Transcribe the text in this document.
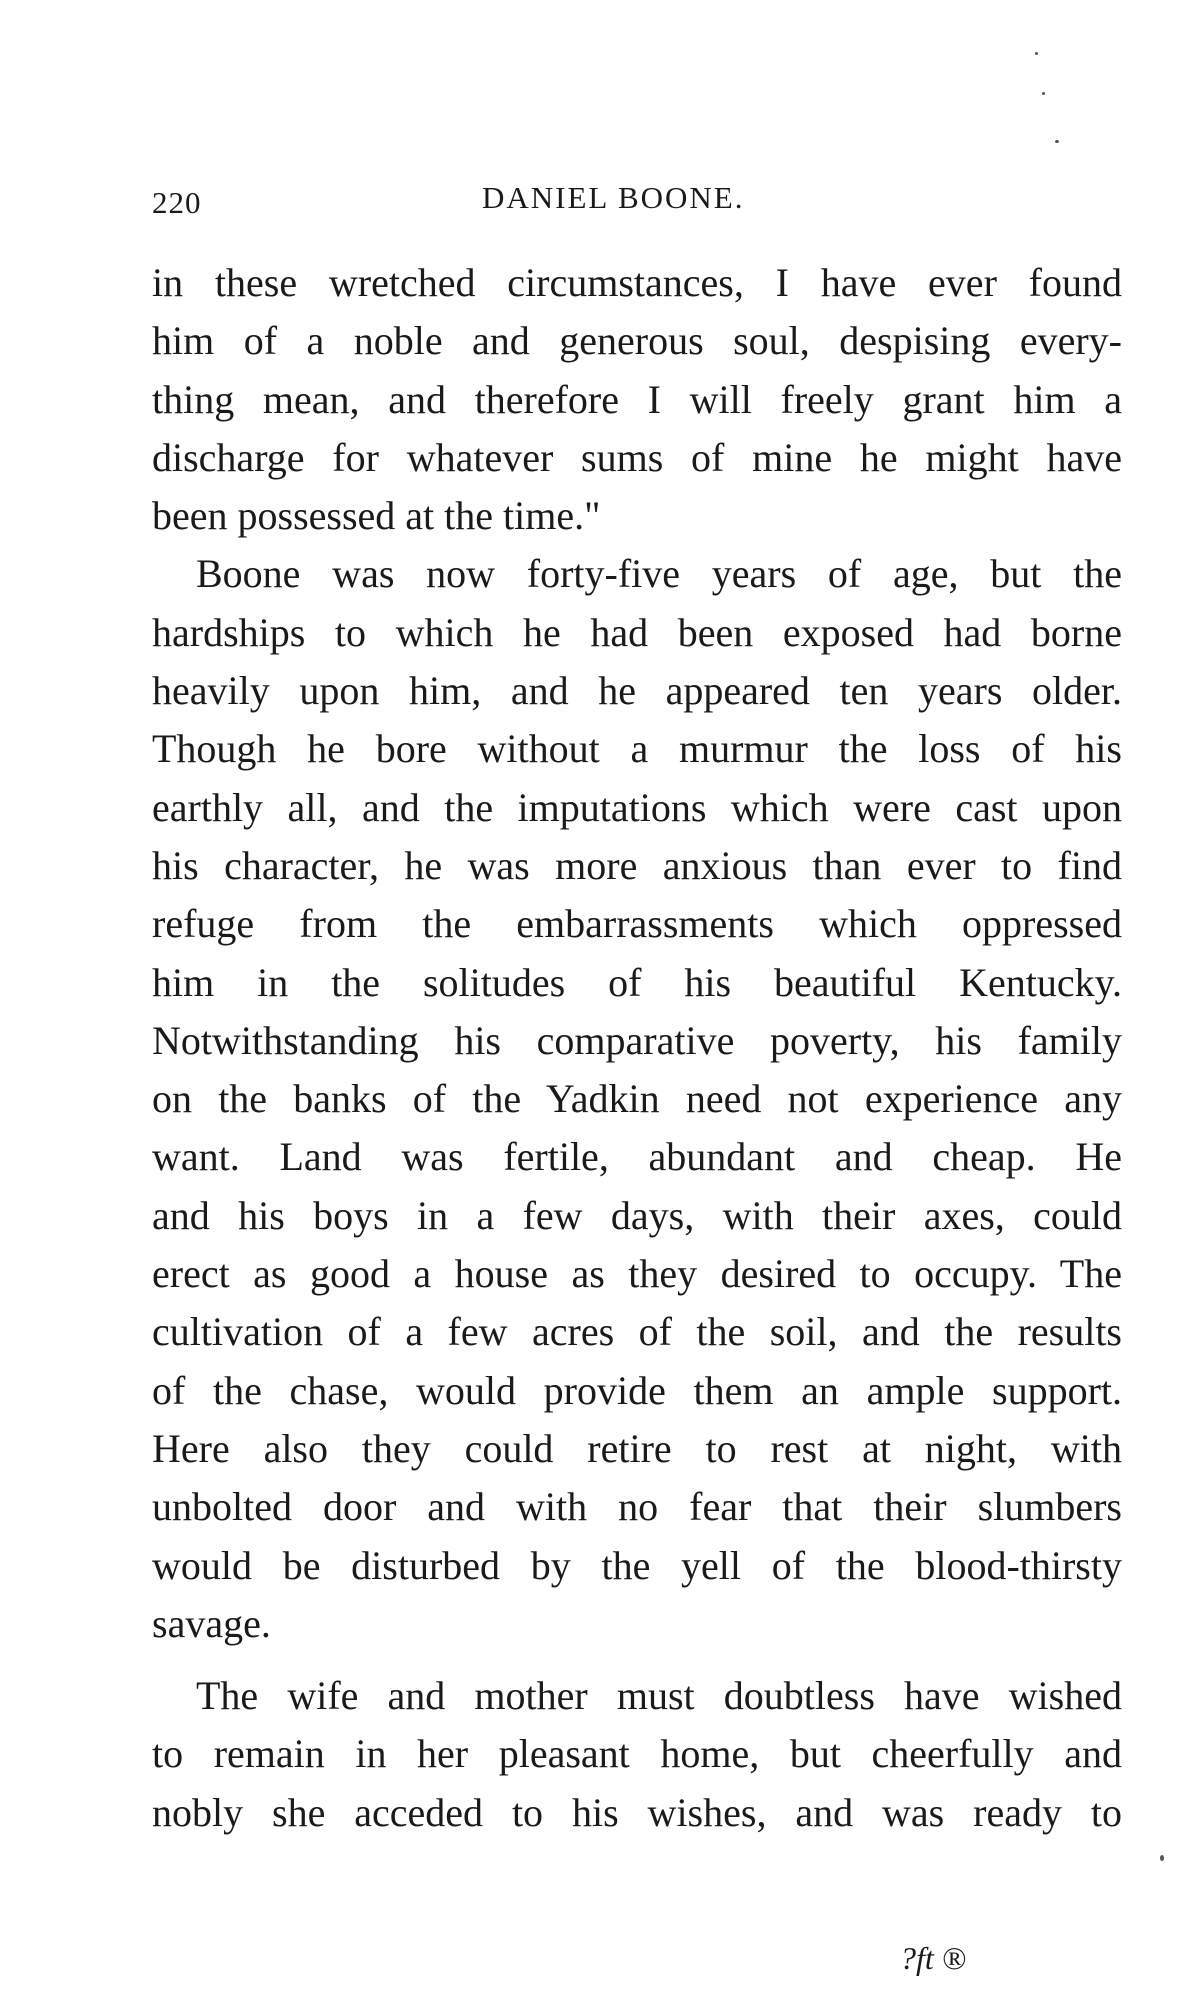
220	DANIEL BOONE.
in these wretched circumstances, I have ever found
him of a noble and generous soul, despising every-
thing mean, and therefore I will freely grant him a
discharge for whatever sums of mine he might have
been possessed at the time."
Boone was now forty-five years of age, but the
hardships to which he had been exposed had borne
heavily upon him, and he appeared ten years older.
Though he bore without a murmur the loss of his
earthly all, and the imputations which were cast upon
his character, he was more anxious than ever to find
refuge from the embarrassments which oppressed
him in the solitudes of his beautiful Kentucky.
Notwithstanding his comparative poverty, his family
on the banks of the Yadkin need not experience any
want. Land was fertile, abundant and cheap. He
and his boys in a few days, with their axes, could
erect as good a house as they desired to occupy. The
cultivation of a few acres of the soil, and the results
of the chase, would provide them an ample support.
Here also they could retire to rest at night, with
unbolted door and with no fear that their slumbers
would be disturbed by the yell of the blood-thirsty
savage.
The wife and mother must doubtless have wished
to remain in her pleasant home, but cheerfully and
nobly she acceded to his wishes, and was ready to
?ft ®
